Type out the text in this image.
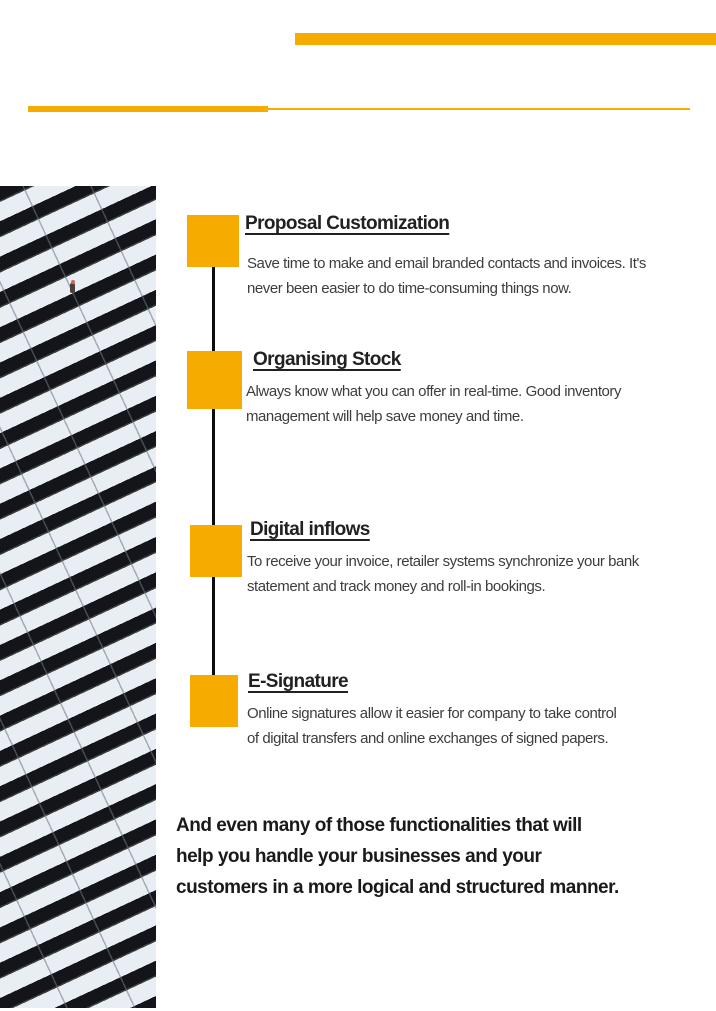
Proposal Customization
Save time to make and email branded contacts and invoices. It's
never been easier to do time-consuming things now.
Organising Stock
Always know what you can offer in real-time. Good inventory
management will help save money and time.
Digital inflows
To receive your invoice, retailer systems synchronize your bank
statement and track money and roll-in bookings.
E-Signature
Online signatures allow it easier for company to take control
of digital transfers and online exchanges of signed papers.
And even many of those functionalities that will
help you handle your businesses and your
customers in a more logical and structured manner.
